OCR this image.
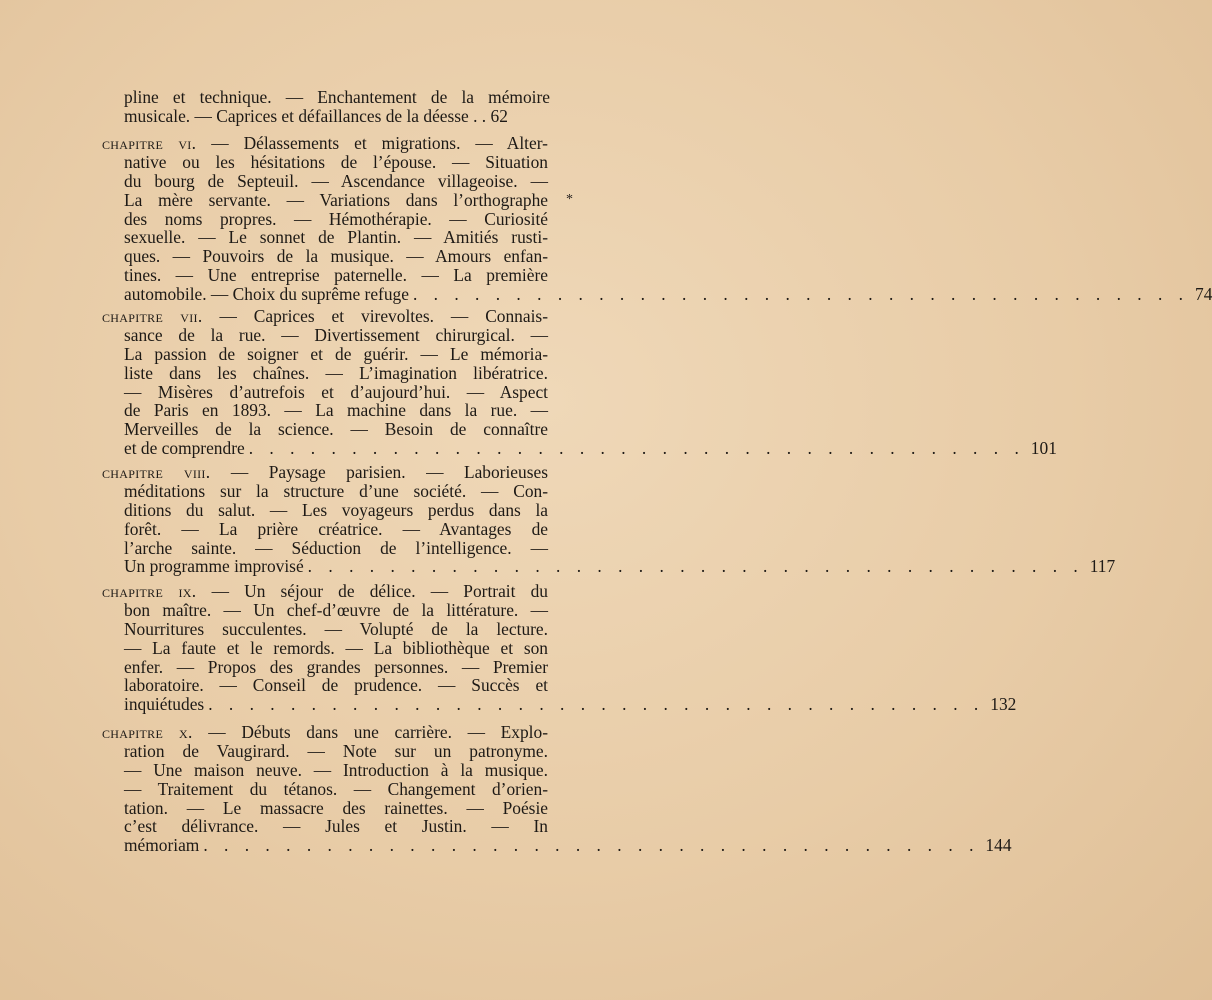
pline et technique. — Enchantement de la mémoire
musicale. — Caprices et défaillances de la déesse . . 62
chapitre vi. — Délassements et migrations. — Alter-
native ou les hésitations de l’épouse. — Situation
du bourg de Septeuil. — Ascendance villageoise. —
La mère servante. — Variations dans l’orthographe
des noms propres. — Hémothérapie. — Curiosité
sexuelle. — Le sonnet de Plantin. — Amitiés rusti-
ques. — Pouvoirs de la musique. — Amours enfan-
tines. — Une entreprise paternelle. — La première
automobile. — Choix du suprême refuge . . . . . . . . . . . . . . . . . . . . . . . . . . . . . . . . . . . . . . 74
chapitre vii. — Caprices et virevoltes. — Connais-
sance de la rue. — Divertissement chirurgical. —
La passion de soigner et de guérir. — Le mémoria-
liste dans les chaînes. — L’imagination libératrice.
— Misères d’autrefois et d’aujourd’hui. — Aspect
de Paris en 1893. — La machine dans la rue. —
Merveilles de la science. — Besoin de connaître
et de comprendre . . . . . . . . . . . . . . . . . . . . . . . . . . . . . . . . . . . . . . 101
chapitre viii. — Paysage parisien. — Laborieuses
méditations sur la structure d’une société. — Con-
ditions du salut. — Les voyageurs perdus dans la
forêt. — La prière créatrice. — Avantages de
l’arche sainte. — Séduction de l’intelligence. —
Un programme improvisé . . . . . . . . . . . . . . . . . . . . . . . . . . . . . . . . . . . . . . 117
chapitre ix. — Un séjour de délice. — Portrait du
bon maître. — Un chef-d’œuvre de la littérature. —
Nourritures succulentes. — Volupté de la lecture.
— La faute et le remords. — La bibliothèque et son
enfer. — Propos des grandes personnes. — Premier
laboratoire. — Conseil de prudence. — Succès et
inquiétudes . . . . . . . . . . . . . . . . . . . . . . . . . . . . . . . . . . . . . . 132
chapitre x. — Débuts dans une carrière. — Explo-
ration de Vaugirard. — Note sur un patronyme.
— Une maison neuve. — Introduction à la musique.
— Traitement du tétanos. — Changement d’orien-
tation. — Le massacre des rainettes. — Poésie
c’est délivrance. — Jules et Justin. — In
mémoriam . . . . . . . . . . . . . . . . . . . . . . . . . . . . . . . . . . . . . . 144
*
